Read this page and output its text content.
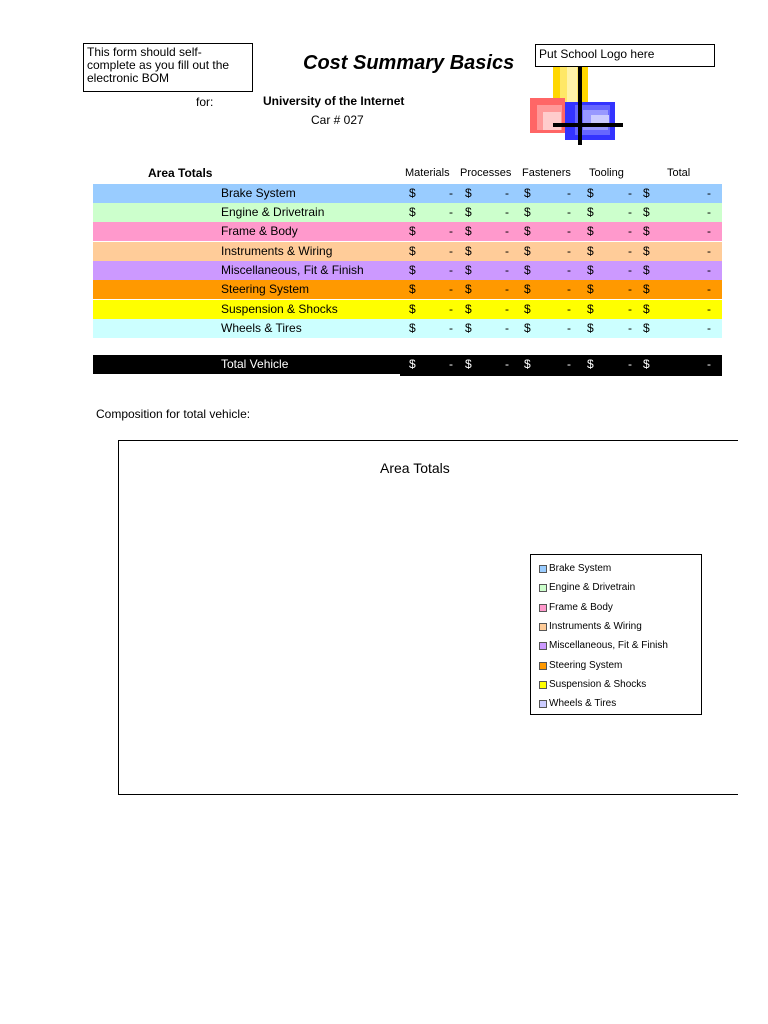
This form should self-complete as you fill out the electronic BOM
Cost Summary Basics
for:	University of the Internet
Car # 027
Put School Logo here
Area Totals	Materials Processes Fasteners Tooling	Total
Brake System	$	- $	- $	- $	- $	-
Engine & Drivetrain	$	- $	- $	- $	- $	-
Frame & Body	$	- $	- $	- $	- $	-
Instruments & Wiring	$	- $	- $	- $	- $	-
Miscellaneous, Fit & Finish	$	- $	- $	- $	- $	-
Steering System	$	- $	- $	- $	- $	-
Suspension & Shocks	$	- $	- $	- $	- $	-
Wheels & Tires	$	- $	- $	- $	- $	-
Total Vehicle	$	- $	- $	- $	- $	-
Composition for total vehicle:
Area Totals
Brake System
Engine & Drivetrain
Frame & Body
Instruments & Wiring
Miscellaneous, Fit & Finish
Steering System
Suspension & Shocks
Wheels & Tires
